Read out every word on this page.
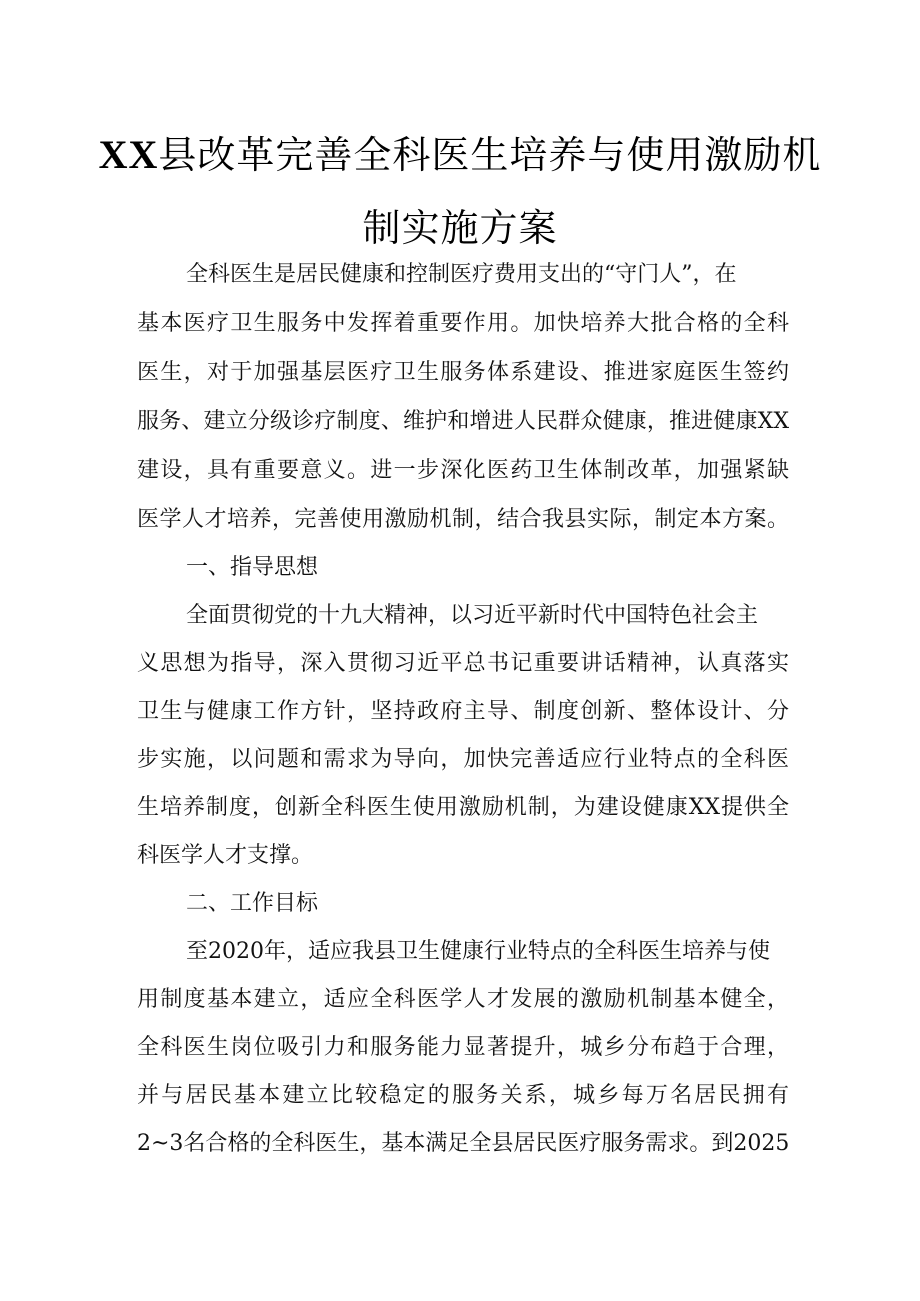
XX县改革完善全科医生培养与使用激励机
制实施方案
全科医生是居民健康和控制医疗费用支出的“守门人”，在
基本医疗卫生服务中发挥着重要作用。加快培养大批合格的全科
医生，对于加强基层医疗卫生服务体系建设、推进家庭医生签约
服务、建立分级诊疗制度、维护和增进人民群众健康，推进健康XX
建设，具有重要意义。进一步深化医药卫生体制改革，加强紧缺
医学人才培养，完善使用激励机制，结合我县实际，制定本方案。
一、指导思想
全面贯彻党的十九大精神，以习近平新时代中国特色社会主
义思想为指导，深入贯彻习近平总书记重要讲话精神，认真落实
卫生与健康工作方针，坚持政府主导、制度创新、整体设计、分
步实施，以问题和需求为导向，加快完善适应行业特点的全科医
生培养制度，创新全科医生使用激励机制，为建设健康XX提供全
科医学人才支撑。
二、工作目标
至2020年，适应我县卫生健康行业特点的全科医生培养与使
用制度基本建立，适应全科医学人才发展的激励机制基本健全，
全科医生岗位吸引力和服务能力显著提升，城乡分布趋于合理，
并与居民基本建立比较稳定的服务关系，城乡每万名居民拥有
2~3名合格的全科医生，基本满足全县居民医疗服务需求。到2025
